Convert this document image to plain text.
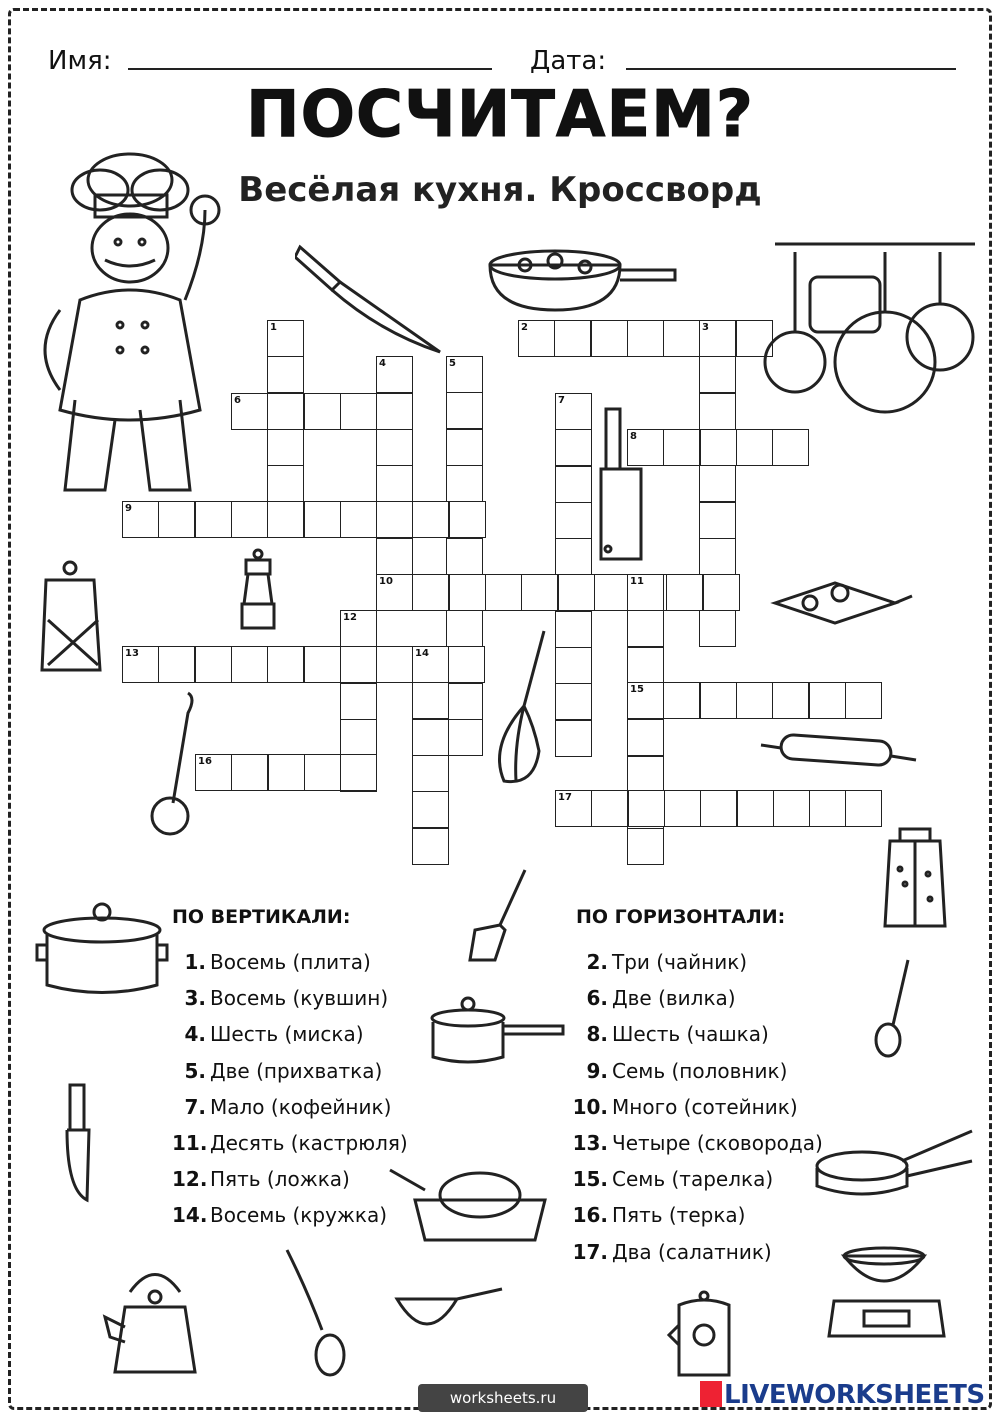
Имя:	Дата:
ПОСЧИТАЕМ?
Весёлая кухня. Кроссворд
1	2	3
4	5
6	7
8
9
10	11
12
13	14
15
16
17
ПО ВЕРТИКАЛИ:
1. Восемь (плита)
3. Восемь (кувшин)
4. Шесть (миска)
5. Две (прихватка)
7. Мало (кофейник)
11. Десять (кастрюля)
12. Пять (ложка)
14. Восемь (кружка)
ПО ГОРИЗОНТАЛИ:
2. Три (чайник)
6. Две (вилка)
8. Шесть (чашка)
9. Семь (половник)
10. Много (сотейник)
13. Четыре (сковорода)
15. Семь (тарелка)
16. Пять (терка)
17. Два (салатник)
worksheets.ru	LIVEWORKSHEETS
